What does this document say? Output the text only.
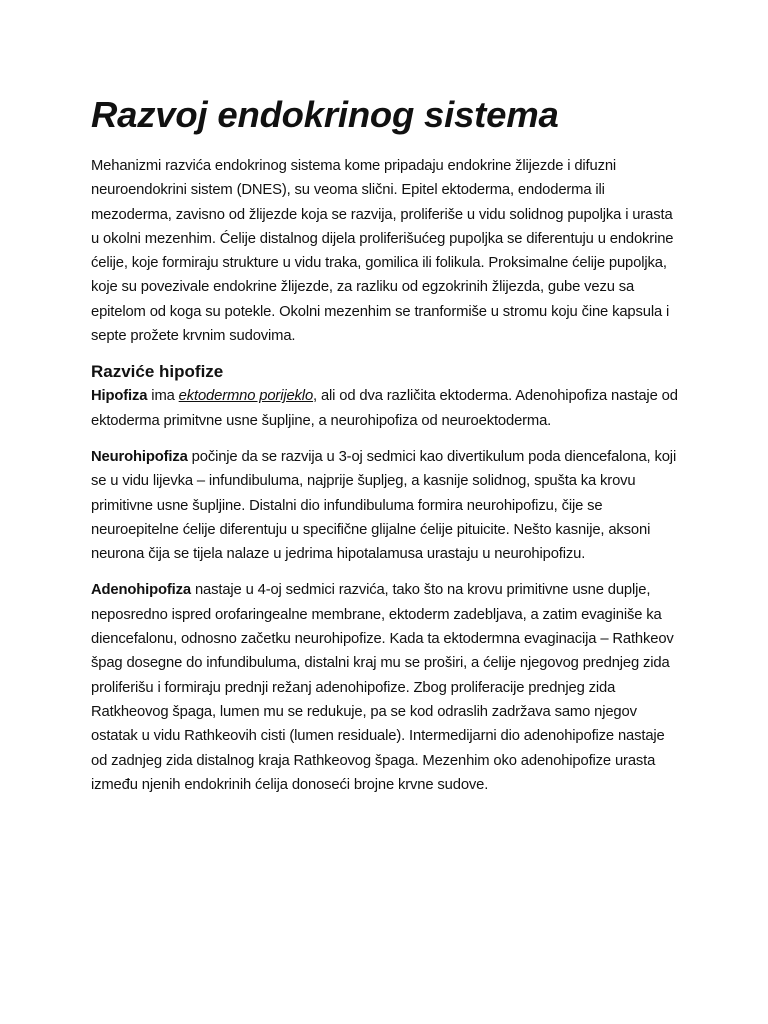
Razvoj endokrinog sistema

Mehanizmi razvića endokrinog sistema kome pripadaju endokrine žlijezde i difuzni neuroendokrini sistem (DNES), su veoma slični. Epitel ektoderma, endoderma ili mezoderma, zavisno od žlijezde koja se razvija, proliferiše u vidu solidnog pupoljka i urasta u okolni mezenhim. Ćelije distalnog dijela proliferišućeg pupoljka se diferentuju u endokrine ćelije, koje formiraju strukture u vidu traka, gomilica ili folikula. Proksimalne ćelije pupoljka, koje su povezivale endokrine žlijezde, za razliku od egzokrinih žlijezda, gube vezu sa epitelom od koga su potekle. Okolni mezenhim se tranformiše u stromu koju čine kapsula i septe prožete krvnim sudovima.

Razviće hipofize

Hipofiza ima ektodermno porijeklo, ali od dva različita ektoderma. Adenohipofiza nastaje od ektoderma primitvne usne šupljine, a neurohipofiza od neuroektoderma.

Neurohipofiza počinje da se razvija u 3-oj sedmici kao divertikulum poda diencefalona, koji se u vidu lijevka – infundibuluma, najprije šupljeg, a kasnije solidnog, spušta ka krovu primitivne usne šupljine. Distalni dio infundibuluma formira neurohipofizu, čije se neuroepitelne ćelije diferentuju u specifične glijalne ćelije pituicite. Nešto kasnije, aksoni neurona čija se tijela nalaze u jedrima hipotalamusa urastaju u neurohipofizu.

Adenohipofiza nastaje u 4-oj sedmici razvića, tako što na krovu primitivne usne duplje, neposredno ispred orofaringealne membrane, ektoderm zadebljava, a zatim evaginiše ka diencefalonu, odnosno začetku neurohipofize. Kada ta ektodermna evaginacija – Rathkeov špag dosegne do infundibuluma, distalni kraj mu se proširi, a ćelije njegovog prednjeg zida proliferišu i formiraju prednji režanj adenohipofize. Zbog proliferacije prednjeg zida Ratkheovog špaga, lumen mu se redukuje, pa se kod odraslih zadržava samo njegov ostatak u vidu Rathkeovih cisti (lumen residuale). Intermedijarni dio adenohipofize nastaje od zadnjeg zida distalnog kraja Rathkeovog špaga. Mezenhim oko adenohipofize urasta između njenih endokrinih ćelija donoseći brojne krvne sudove.
